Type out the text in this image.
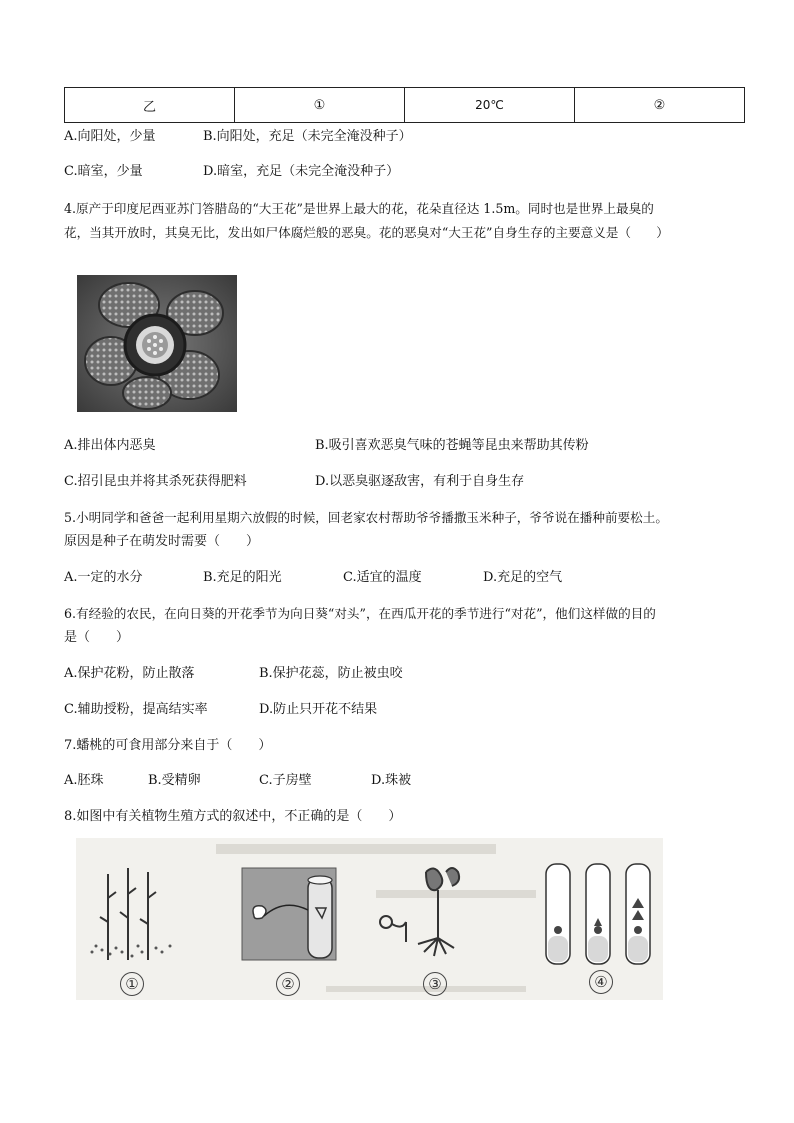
乙	①	20℃	②
A.向阳处，少量	B.向阳处，充足（未完全淹没种子）
C.暗室，少量	D.暗室，充足（未完全淹没种子）
4.原产于印度尼西亚苏门答腊岛的“大王花”是世界上最大的花，花朵直径达 1.5m。同时也是世界上最臭的
花，当其开放时，其臭无比，发出如尸体腐烂般的恶臭。花的恶臭对“大王花”自身生存的主要意义是（　　）
A.排出体内恶臭	B.吸引喜欢恶臭气味的苍蝇等昆虫来帮助其传粉
C.招引昆虫并将其杀死获得肥料	D.以恶臭驱逐敌害，有利于自身生存
5.小明同学和爸爸一起利用星期六放假的时候，回老家农村帮助爷爷播撒玉米种子，爷爷说在播种前要松土。
原因是种子在萌发时需要（　　）
A.一定的水分	B.充足的阳光	C.适宜的温度	D.充足的空气
6.有经验的农民，在向日葵的开花季节为向日葵“对头”，在西瓜开花的季节进行“对花”，他们这样做的目的
是（　　）
A.保护花粉，防止散落	B.保护花蕊，防止被虫咬
C.辅助授粉，提高结实率	D.防止只开花不结果
7.蟠桃的可食用部分来自于（　　）
A.胚珠	B.受精卵	C.子房壁	D.珠被
8.如图中有关植物生殖方式的叙述中，不正确的是（　　）
①	②	③	④
